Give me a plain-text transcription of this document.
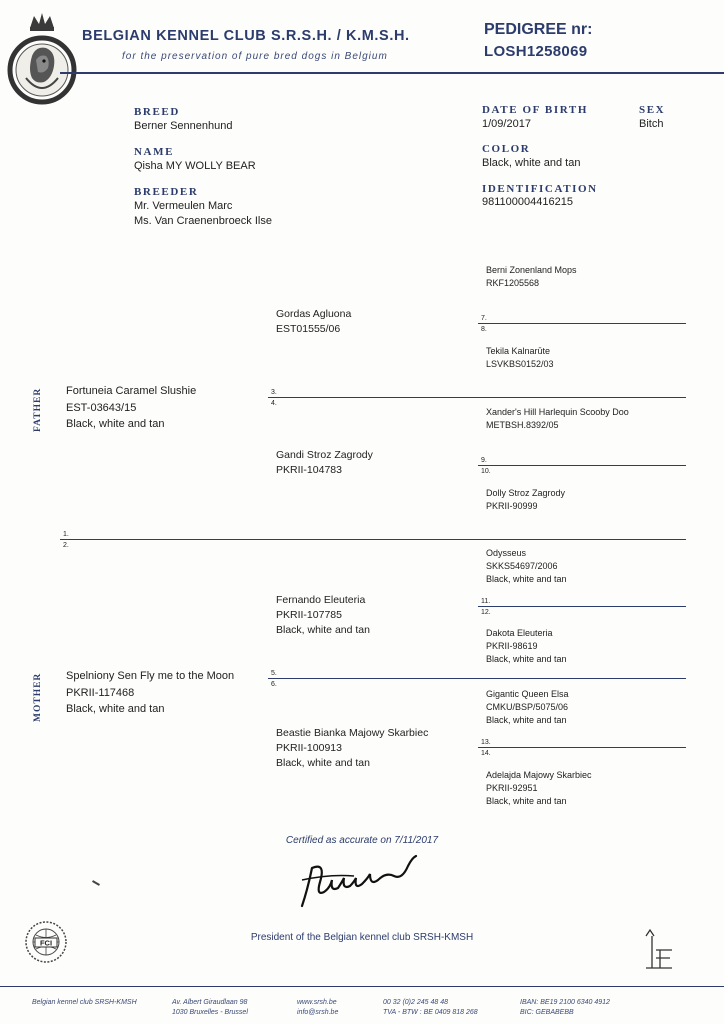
BELGIAN KENNEL CLUB S.R.S.H. / K.M.S.H.
for the preservation of pure bred dogs in Belgium
PEDIGREE nr:
LOSH1258069
BREED
Berner Sennenhund
NAME
Qisha MY WOLLY BEAR
BREEDER
Mr. Vermeulen Marc
Ms. Van Craenenbroeck Ilse
DATE OF BIRTH
1/09/2017
SEX
Bitch
COLOR
Black, white and tan
IDENTIFICATION
981100004416215
1.
2.
3.
4.
5.
6.
7.
8.
9.
10.
11.
12.
13.
14.
FATHER
MOTHER
Fortuneia Caramel Slushie
EST-03643/15
Black, white and tan
Spelniony Sen Fly me to the Moon
PKRII-117468
Black, white and tan
Gordas Agluona
EST01555/06
Gandi Stroz Zagrody
PKRII-104783
Fernando Eleuteria
PKRII-107785
Black, white and tan
Beastie Bianka Majowy Skarbiec
PKRII-100913
Black, white and tan
Berni Zonenland Mops
RKF1205568
Tekila Kalnarūte
LSVKBS0152/03
Xander's Hill Harlequin Scooby Doo
METBSH.8392/05
Dolly Stroz Zagrody
PKRII-90999
Odysseus
SKKS54697/2006
Black, white and tan
Dakota Eleuteria
PKRII-98619
Black, white and tan
Gigantic Queen Elsa
CMKU/BSP/5075/06
Black, white and tan
Adelajda Majowy Skarbiec
PKRII-92951
Black, white and tan
Certified as accurate on 7/11/2017
FCI	President of the Belgian kennel club SRSH-KMSH
Belgian kennel club SRSH-KMSH	Av. Albert Giraudlaan 98
1030 Bruxelles - Brussel
www.srsh.be
info@srsh.be
00 32 (0)2 245 48 48
TVA - BTW : BE 0409 818 268
IBAN: BE19 2100 6340 4912
BIC: GEBABEBB
